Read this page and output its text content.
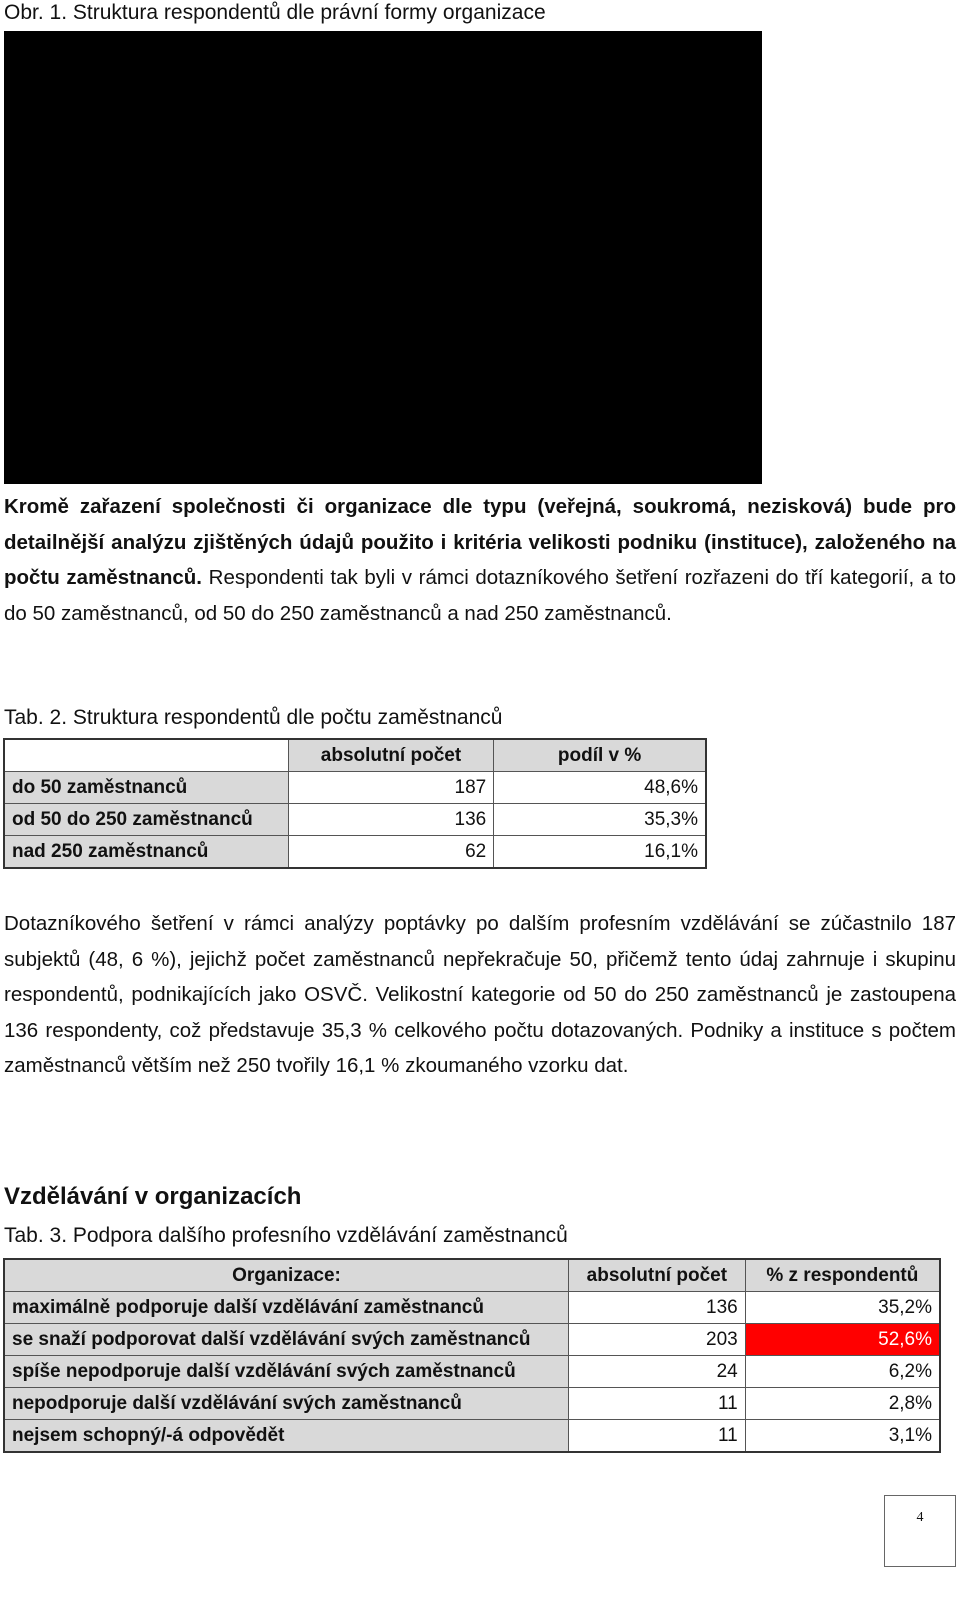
Obr. 1. Struktura respondentů dle právní formy organizace
Kromě zařazení společnosti či organizace dle typu (veřejná, soukromá, nezisková) bude pro detailnější analýzu zjištěných údajů použito i kritéria velikosti podniku (instituce), založeného na počtu zaměstnanců. Respondenti tak byli v rámci dotazníkového šetření rozřazeni do tří kategorií, a to do 50 zaměstnanců, od 50 do 250 zaměstnanců a nad 250 zaměstnanců.
Tab. 2. Struktura respondentů dle počtu zaměstnanců
	absolutní počet	podíl v %
do 50 zaměstnanců	187	48,6%
od 50 do 250 zaměstnanců	136	35,3%
nad 250 zaměstnanců	62	16,1%
Dotazníkového šetření v rámci analýzy poptávky po dalším profesním vzdělávání se zúčastnilo 187 subjektů (48, 6 %), jejichž počet zaměstnanců nepřekračuje 50, přičemž tento údaj zahrnuje i skupinu respondentů, podnikajících jako OSVČ. Velikostní kategorie od 50 do 250 zaměstnanců je zastoupena 136 respondenty, což představuje 35,3 % celkového počtu dotazovaných. Podniky a instituce s počtem zaměstnanců větším než 250 tvořily 16,1 % zkoumaného vzorku dat.
Vzdělávání v organizacích
Tab. 3. Podpora dalšího profesního vzdělávání zaměstnanců
Organizace:	absolutní počet	% z respondentů
maximálně podporuje další vzdělávání zaměstnanců	136	35,2%
se snaží podporovat další vzdělávání svých zaměstnanců	203	52,6%
spíše nepodporuje další vzdělávání svých zaměstnanců	24	6,2%
nepodporuje další vzdělávání svých zaměstnanců	11	2,8%
nejsem schopný/-á odpovědět	11	3,1%
4
